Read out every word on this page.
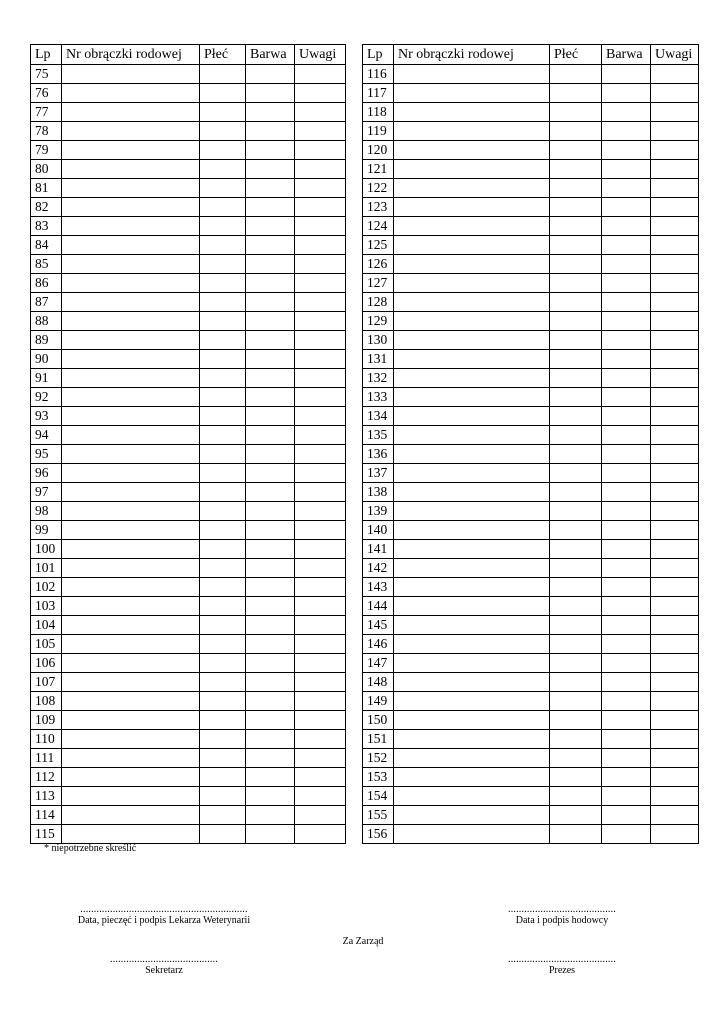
Lp	Nr obrączki rodowej	Płeć	Barwa	Uwagi
75				
76				
77				
78				
79				
80				
81				
82				
83				
84				
85				
86				
87				
88				
89				
90				
91				
92				
93				
94				
95				
96				
97				
98				
99				
100				
101				
102				
103				
104				
105				
106				
107				
108				
109				
110				
111				
112				
113				
114				
115				
Lp	Nr obrączki rodowej	Płeć	Barwa	Uwagi
116				
117				
118				
119				
120				
121				
122				
123				
124				
125				
126				
127				
128				
129				
130				
131				
132				
133				
134				
135				
136				
137				
138				
139				
140				
141				
142				
143				
144				
145				
146				
147				
148				
149				
150				
151				
152				
153				
154				
155				
156				
* niepotrzebne skreślić
..............................................................
Data, pieczęć i podpis Lekarza Weterynarii
........................................
Data i podpis hodowcy
Za Zarząd
........................................
Sekretarz
........................................
Prezes
